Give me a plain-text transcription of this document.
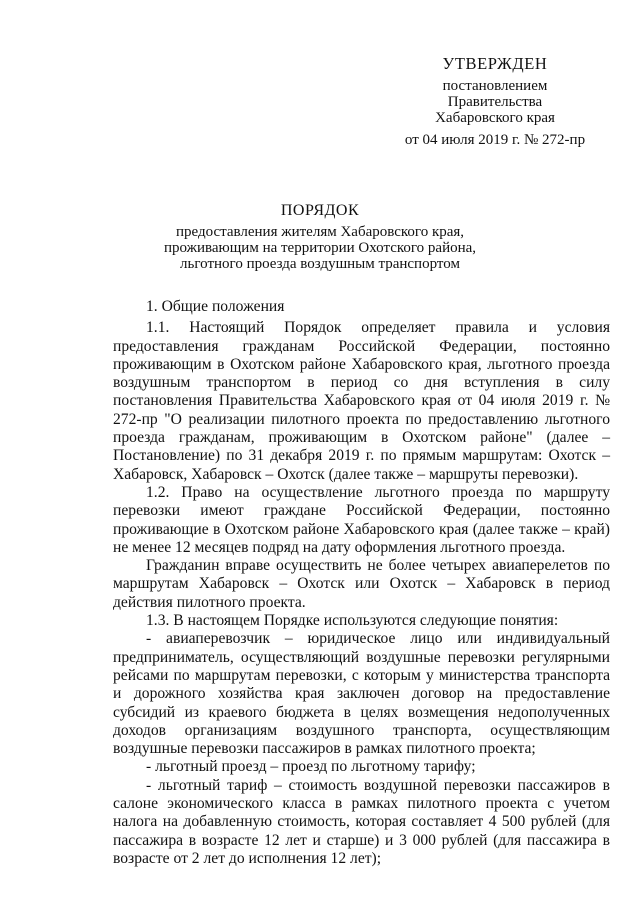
УТВЕРЖДЕН
постановлением
Правительства
Хабаровского края
от 04 июля 2019 г. № 272-пр
ПОРЯДОК
предоставления жителям Хабаровского края,
проживающим на территории Охотского района,
льготного проезда воздушным транспортом

1. Общие положения

1.1. Настоящий Порядок определяет правила и условия предоставления гражданам Российской Федерации, постоянно проживающим в Охотском районе Хабаровского края, льготного проезда воздушным транспортом в период со дня вступления в силу постановления Правительства Хабаровского края от 04 июля 2019 г. № 272-пр "О реализации пилотного проекта по предоставлению льготного проезда гражданам, проживающим в Охотском районе" (далее – Постановление) по 31 декабря 2019 г. по прямым маршрутам: Охотск – Хабаровск, Хабаровск – Охотск (далее также – маршруты перевозки).

1.2. Право на осуществление льготного проезда по маршруту перевозки имеют граждане Российской Федерации, постоянно проживающие в Охотском районе Хабаровского края (далее также – край) не менее 12 месяцев подряд на дату оформления льготного проезда.

Гражданин вправе осуществить не более четырех авиаперелетов по маршрутам Хабаровск – Охотск или Охотск – Хабаровск в период действия пилотного проекта.

1.3. В настоящем Порядке используются следующие понятия:

- авиаперевозчик – юридическое лицо или индивидуальный предприниматель, осуществляющий воздушные перевозки регулярными рейсами по маршрутам перевозки, с которым у министерства транспорта и дорожного хозяйства края заключен договор на предоставление субсидий из краевого бюджета в целях возмещения недополученных доходов организациям воздушного транспорта, осуществляющим воздушные перевозки пассажиров в рамках пилотного проекта;

- льготный проезд – проезд по льготному тарифу;

- льготный тариф – стоимость воздушной перевозки пассажиров в салоне экономического класса в рамках пилотного проекта с учетом налога на добавленную стоимость, которая составляет 4 500 рублей (для пассажира в возрасте 12 лет и старше) и 3 000 рублей (для пассажира в возрасте от 2 лет до исполнения 12 лет);
